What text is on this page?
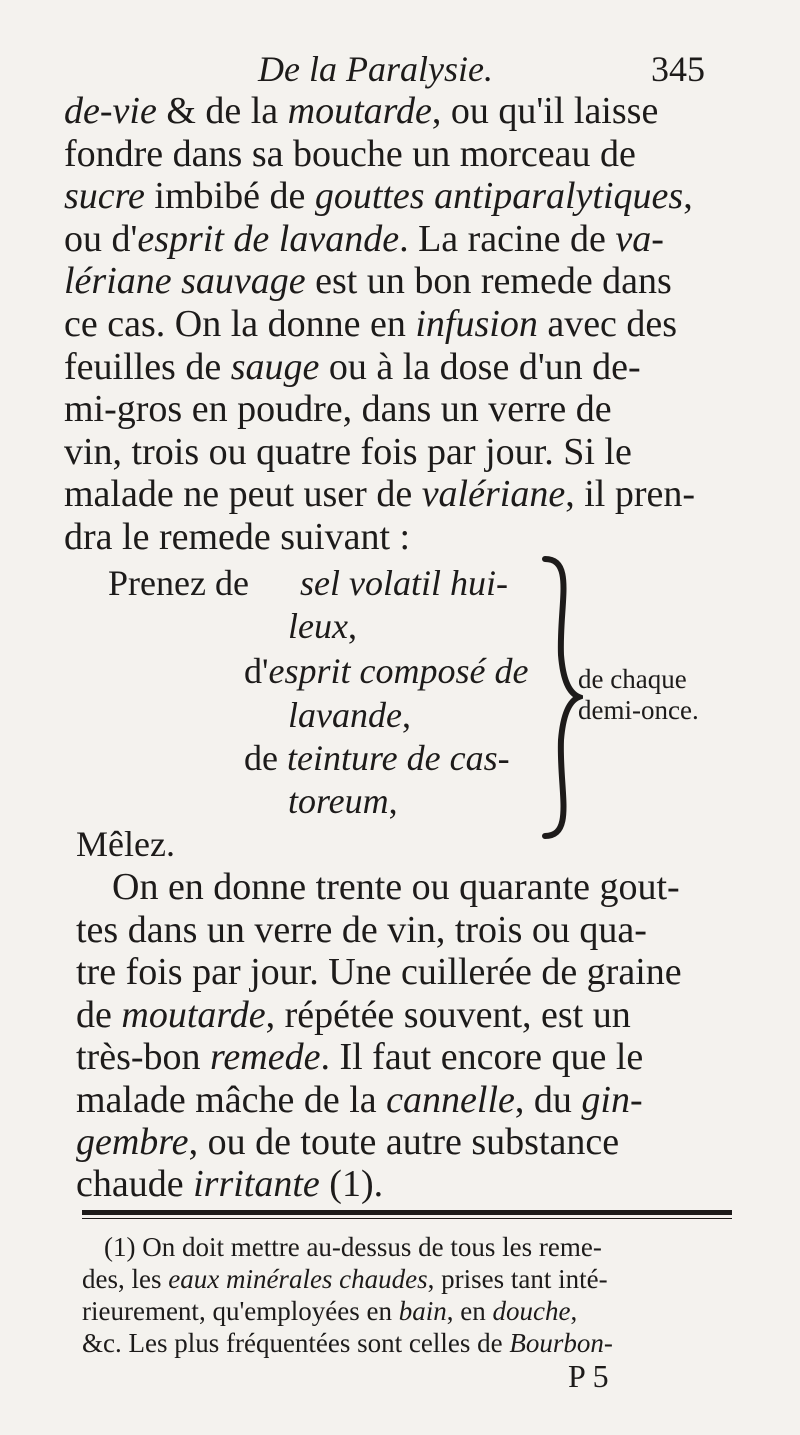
De la Paralysie.	345
de-vie & de la moutarde, ou qu'il laisse
fondre dans sa bouche un morceau de
sucre imbibé de gouttes antiparalytiques,
ou d'esprit de lavande. La racine de va-
lériane sauvage est un bon remede dans
ce cas. On la donne en infusion avec des
feuilles de sauge ou à la dose d'un de-
mi-gros en poudre, dans un verre de
vin, trois ou quatre fois par jour. Si le
malade ne peut user de valériane, il pren-
dra le remede suivant :
Prenez de sel volatil hui-
leux,
d'esprit composé de
lavande,
de teinture de cas-
toreum,
de chaque
demi-once.
Mêlez.
On en donne trente ou quarante gout-
tes dans un verre de vin, trois ou qua-
tre fois par jour. Une cuillerée de graine
de moutarde, répétée souvent, est un
très-bon remede. Il faut encore que le
malade mâche de la cannelle, du gin-
gembre, ou de toute autre substance
chaude irritante (1).
(1) On doit mettre au-dessus de tous les reme-
des, les eaux minérales chaudes, prises tant inté-
rieurement, qu'employées en bain, en douche,
&c. Les plus fréquentées sont celles de Bourbon-
P 5
